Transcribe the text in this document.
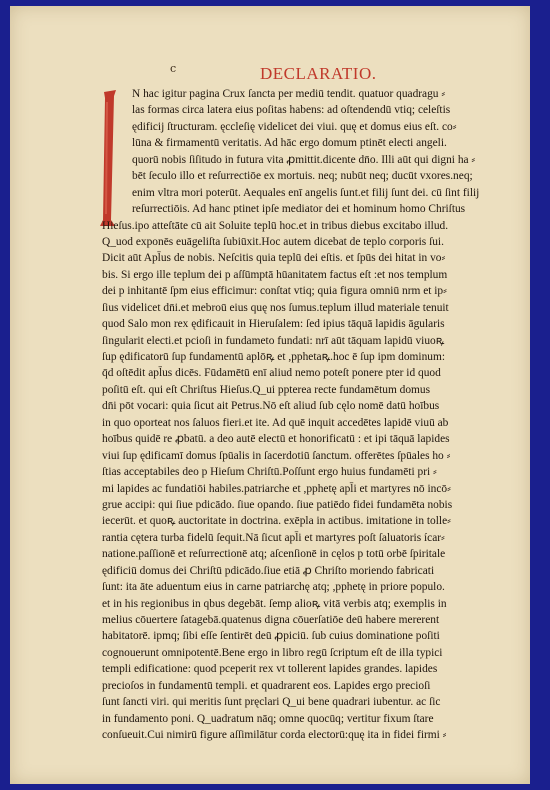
c	DECLARATIO.
N hac igitur pagina Crux ſancta per mediū tendit. quatuor quadragu ⸗
las formas circa latera eius poſitas habens: ad oſtendendū vtiq; celeſtis
ędificij ſtructuram. ęccleſię videlicet dei viui. quę et domus eius eſt. co⸗
lūna & firmamentū veritatis. Ad hāc ergo domum ptinēt electi angeli.
quorū nobis ſiſitudo in futura vita ꝓmittit.dicente dn̄o. Illi aūt qui digni ha ⸗
bēt ſeculo illo et reſurrectiōe ex mortuis. neq; nubūt neq; ducūt vxores.neq;
enim vltra mori poterūt. Aequales enī angelis ſunt.et filij ſunt dei. cū ſint filij
reſurrectiōis. Ad hanc ptinet ipſe mediator dei et hominum homo Chriſtus
Hieſus.ipo atteſtāte cū ait Soluite teplū hoc.et in tribus diebus excitabo illud.
Q_uod exponēs euāgeliſta ſubiūxit.Hoc autem dicebat de teplo corporis ſui.
Dicit aūt Apl̄us de nobis. Neſcitis quia teplū dei eſtis. et ſpūs dei hitat in vo⸗
bis. Si ergo ille teplum dei p aſſūmptā hūanitatem factus eſt :et nos templum
dei p inhitantē ſpm eius efficimur: conſtat vtiq; quia figura omniū nrm et ip⸗
ſius videlicet dn̄i.et mebroū eius quę nos ſumus.teplum illud materiale tenuit
quod Salo mon rex ędificauit in Hieruſalem: ſed ipius tāquā lapidis āgularis
ſingularit electi.et pcioſi in fundameto fundati: nrī aūt tāquam lapidū viuoꝶ
ſup ędificatorū ſup fundamentū aplōꝶ et ,pphetaꝶ.hoc ē ſup ipm dominum:
q̄d oſtēdit apl̄us dicēs. Fūdamētū enī aliud nemo poteſt ponere pter id quod
poſitū eſt. qui eſt Chriſtus Hieſus.Q_ui ppterea recte fundamētum domus
dn̄i pōt vocari: quia ſicut ait Petrus.Nō eſt aliud ſub cęlo nomē datū hoībus
in quo oporteat nos ſaluos fieri.et ite. Ad quē inquit accedētes lapidē viuū ab
hoībus quidē re ꝓbatū. a deo autē electū et honorificatū : et ipi tāquā lapides
viui ſup ędificamī domus ſpūalis in ſacerdotiū ſanctum. offerētes ſpūales ho ⸗
ſtias acceptabiles deo p Hieſum Chriſtū.Poſſunt ergo huius fundamēti pri ⸗
mi lapides ac fundatiōi habiles.patriarche et ,pphetę apl̄i et martyres nō incō⸗
grue accipi: qui ſiue pdicādo. ſiue opando. ſiue patiēdo fidei fundamēta nobis
iecerūt. et quoꝶ auctoritate in doctrina. exēpla in actibus. imitatione in tolle⸗
rantia cętera turba fidelū ſequit.Nā ſicut apl̄i et martyres poſt ſaluatoris ícar⸗
natione.paſſionē et reſurrectionē atq; aſcenſionē in cęlos p totū orbē ſpiritale
ędificiū domus dei Chriſtū pdicādo.ſiue etiā ꝓ Chriſto moriendo fabricati
ſunt: ita āte aduentum eius in carne patriarchę atq; ,pphetę in priore populo.
et in his regionibus in qbus degebāt. ſemp alioꝶ vitā verbis atq; exemplis in
melius cōuertere ſatagebā.quatenus digna cōuerſatiōe deū habere mererent
habitatorē. ipmq; ſibi eſſe ſentirēt deū ꝓpiciū. ſub cuius dominatione poſiti
cognouerunt omnipotentē.Bene ergo in libro regū ſcriptum eſt de illa typici
templi edificatione: quod pceperit rex vt tollerent lapides grandes. lapides
precioſos in fundamentū templi. et quadrarent eos. Lapides ergo precioſi
ſunt ſancti viri. qui meritis ſunt pręclari Q_ui bene quadrari iubentur. ac ſic
in fundamento poni. Q_uadratum nāq; omne quocūq; vertitur fixum ſtare
conſueuit.Cui nimirū figure aſſimilātur corda electorū:quę ita in fidei firmi ⸗
